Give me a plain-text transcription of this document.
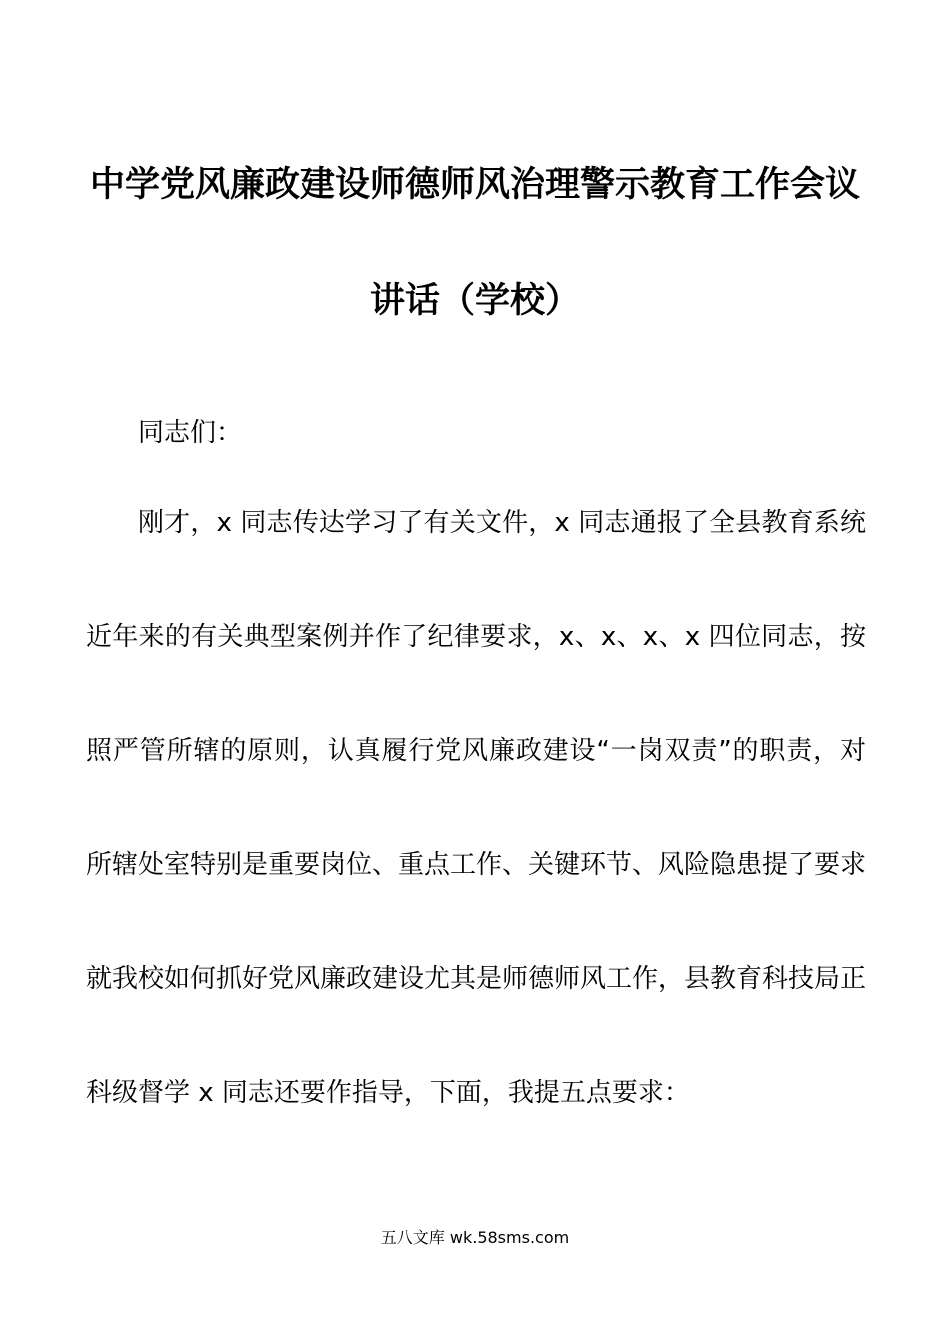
中学党风廉政建设师德师风治理警示教育工作会议
讲话（学校）
同志们：
刚才，x 同志传达学习了有关文件，x 同志通报了全县教育系统
近年来的有关典型案例并作了纪律要求，x、x、x、x 四位同志，按
照严管所辖的原则，认真履行党风廉政建设“一岗双责”的职责，对
所辖处室特别是重要岗位、重点工作、关键环节、风险隐患提了要求
就我校如何抓好党风廉政建设尤其是师德师风工作，县教育科技局正
科级督学 x 同志还要作指导，下面，我提五点要求：
五八文库 wk.58sms.com
